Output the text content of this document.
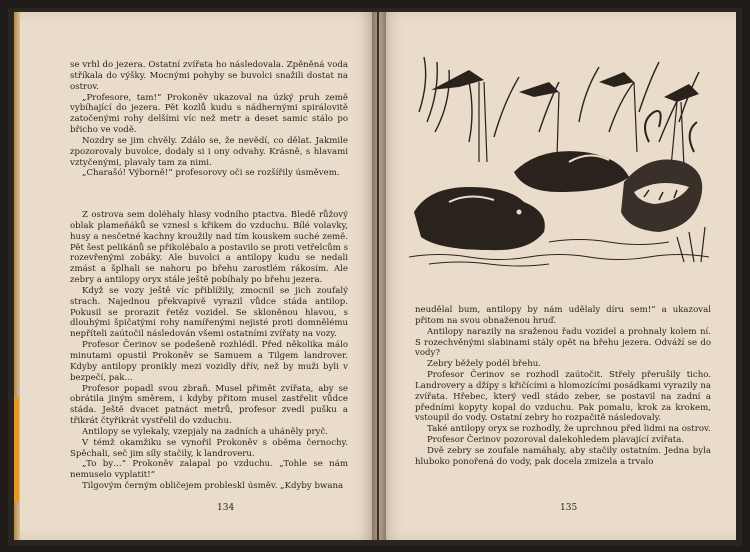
se vrhl do jezera. Ostatní zvířata ho následovala. Zpěněná voda stříkala do výšky. Mocnými pohyby se buvolci snažili dostat na ostrov.

„Profesore, tam!“ Prokoněv ukazoval na úzký pruh země vybíhající do jezera. Pět kozlů kudu s nádhernými spirálovitě zatočenými rohy delšími víc než metr a deset samic stálo po břicho ve vodě.

Nozdry se jim chvěly. Zdálo se, že nevědí, co dělat. Jakmile zpozorovaly buvolce, dodaly si i ony odvahy. Krásně, s hlavami vztyčenými, plavaly tam za nimi.

„Charašó! Výborně!“ profesorovy oči se rozšířily úsměvem.

Z ostrova sem doléhaly hlasy vodního ptactva. Bledě růžový oblak plameňáků se vznesl s křikem do vzduchu. Bílé volavky, husy a nesčetné kachny kroužily nad tím kouskem suché země. Pět šest pelikánů se přikolébalo a postavilo se proti vetřelcům s rozevřenými zobáky. Ale buvolci a antilopy kudu se nedali zmást a šplhali se nahoru po břehu zarostlém rákosím. Ale zebry a antilopy oryx stále ještě pobíhaly po břehu jezera.

Když se vozy ještě víc přiblížily, zmocnil se jich zoufalý strach. Najednou překvapivě vyrazil vůdce stáda antilop. Pokusil se prorazit řetěz vozidel. Se skloněnou hlavou, s dlouhými špičatými rohy namířenými nejisté proti domnělému nepříteli zaútočil následován všemi ostatními zvířaty na vozy.

Profesor Čerinov se podešeně rozhlédl. Před několika málo minutami opustil Prokoněv se Samuem a Tilgem landrover. Kdyby antilopy pronikly mezi vozidly dřív, než by muži byli v bezpečí, pak…

Profesor popadl svou zbraň. Musel přimět zvířata, aby se obrátila jiným směrem, i kdyby přitom musel zastřelit vůdce stáda. Ještě dvacet patnáct metrů, profesor zvedl pušku a třikrát čtyřikrát vystřelil do vzduchu.

Antilopy se vylekaly, vzepjaly na zadních a uháněly pryč.

V témž okamžiku se vynořil Prokoněv s oběma černochy. Spěchali, seč jim síly stačily, k landroveru.

„To by…“ Prokoněv zalapal po vzduchu. „Tohle se nám nemuselo vyplatit!“

Tilgovým černým obličejem probleskl úsměv. „Kdyby bwana

134

neudělal bum, antilopy by nám udělaly díru sem!“ a ukazoval přitom na svou obnaženou hruď.

Antilopy narazily na sraženou řadu vozidel a prohnaly kolem ní. S rozechvěnými slabinami stály opět na břehu jezera. Odváží se do vody?

Zebry běžely podél břehu.

Profesor Čerinov se rozhodl zaútočit. Střely přerušily ticho. Landrovery a džípy s křičícími a hlomozícími posádkami vyrazily na zvířata. Hřebec, který vedl stádo zeber, se postavil na zadní a předními kopyty kopal do vzduchu. Pak pomalu, krok za krokem, vstoupil do vody. Ostatní zebry ho rozpačitě následovaly.

Také antilopy oryx se rozhodly, že uprchnou před lidmi na ostrov.

Profesor Čerinov pozoroval dalekohledem plavající zvířata.

Dvě zebry se zoufale namáhaly, aby stačily ostatním. Jedna byla hluboko ponořená do vody, pak docela zmizela a trvalo

135
